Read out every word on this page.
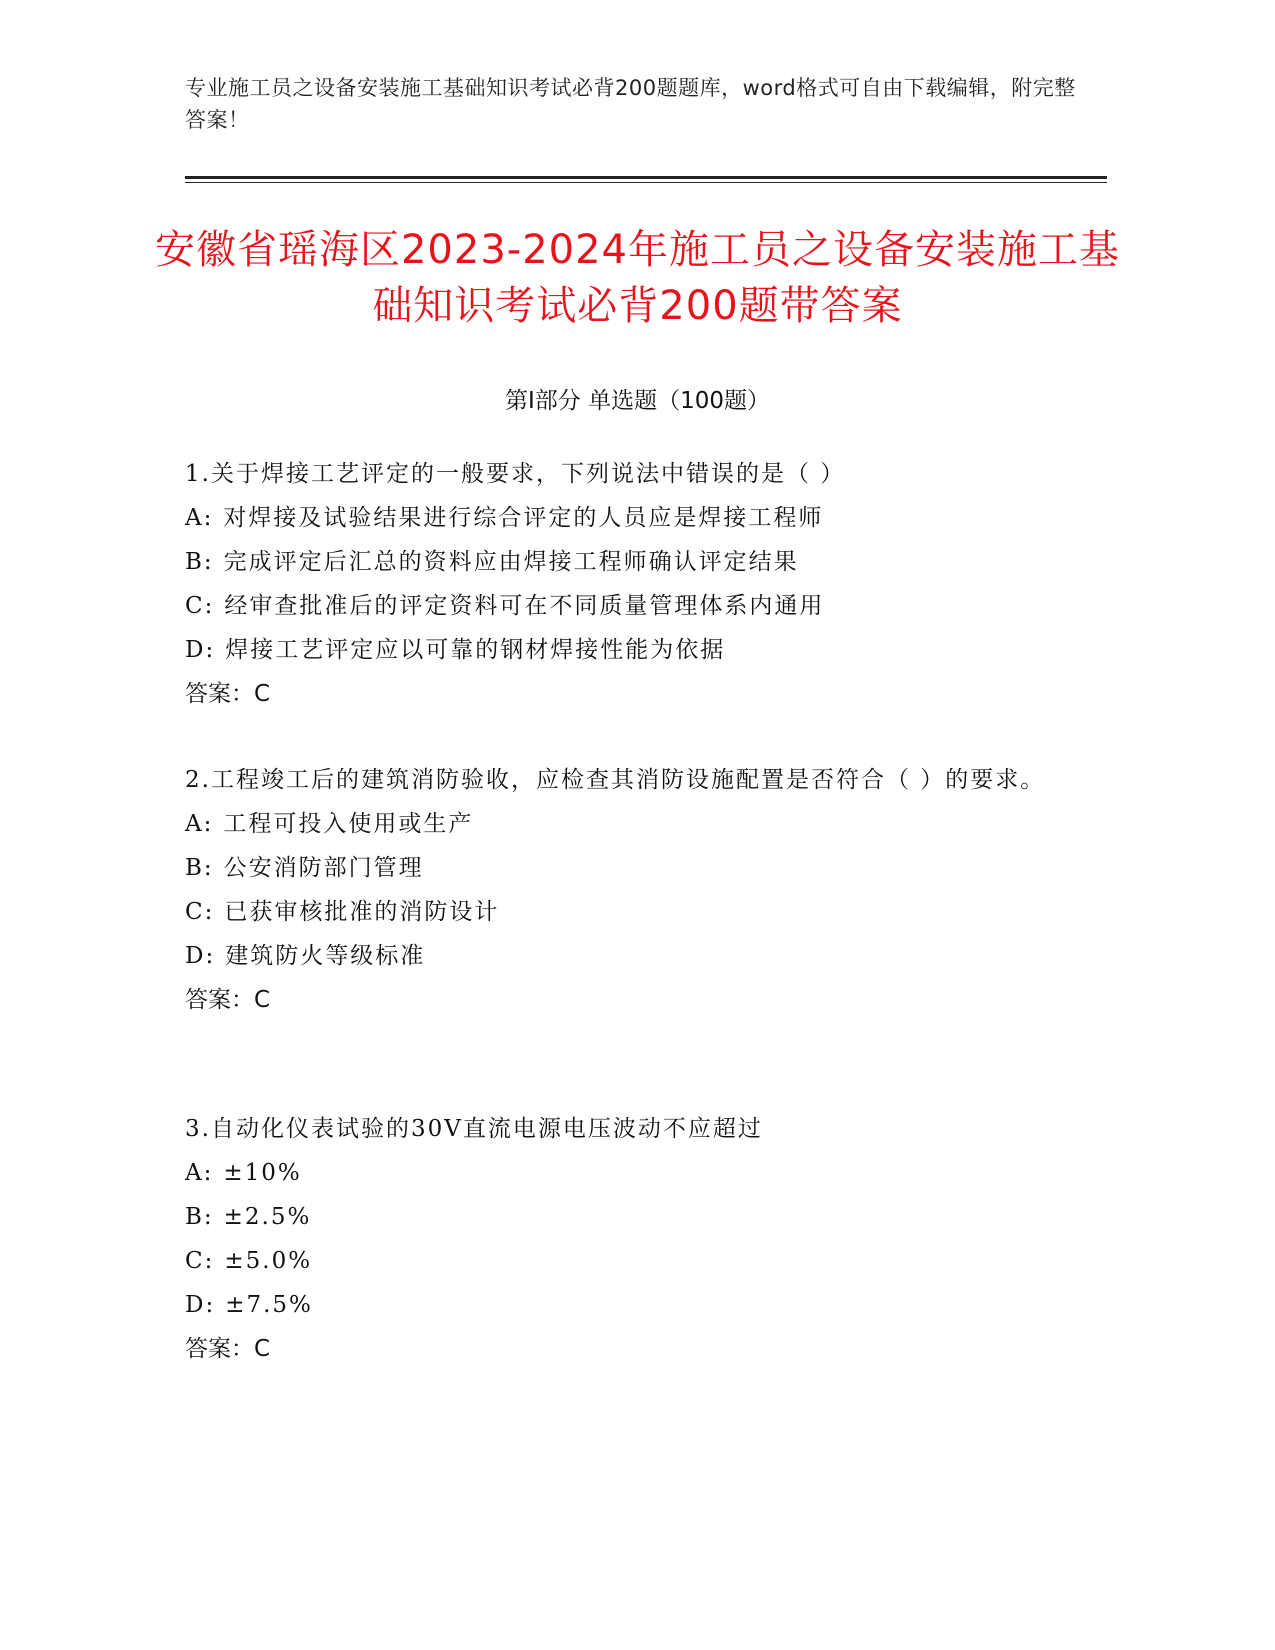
专业施工员之设备安装施工基础知识考试必背200题题库，word格式可自由下载编辑，附完整答案！
安徽省瑶海区2023-2024年施工员之设备安装施工基础知识考试必背200题带答案
第Ⅰ部分 单选题（100题）

1.关于焊接工艺评定的一般要求，下列说法中错误的是（ ）

A: 对焊接及试验结果进行综合评定的人员应是焊接工程师

B: 完成评定后汇总的资料应由焊接工程师确认评定结果

C: 经审查批准后的评定资料可在不同质量管理体系内通用

D: 焊接工艺评定应以可靠的钢材焊接性能为依据

答案：C

2.工程竣工后的建筑消防验收，应检查其消防设施配置是否符合（ ）的要求。

A: 工程可投入使用或生产

B: 公安消防部门管理

C: 已获审核批准的消防设计

D: 建筑防火等级标准

答案：C

3.自动化仪表试验的30V直流电源电压波动不应超过

A: ±10%

B: ±2.5%

C: ±5.0%

D: ±7.5%

答案：C
